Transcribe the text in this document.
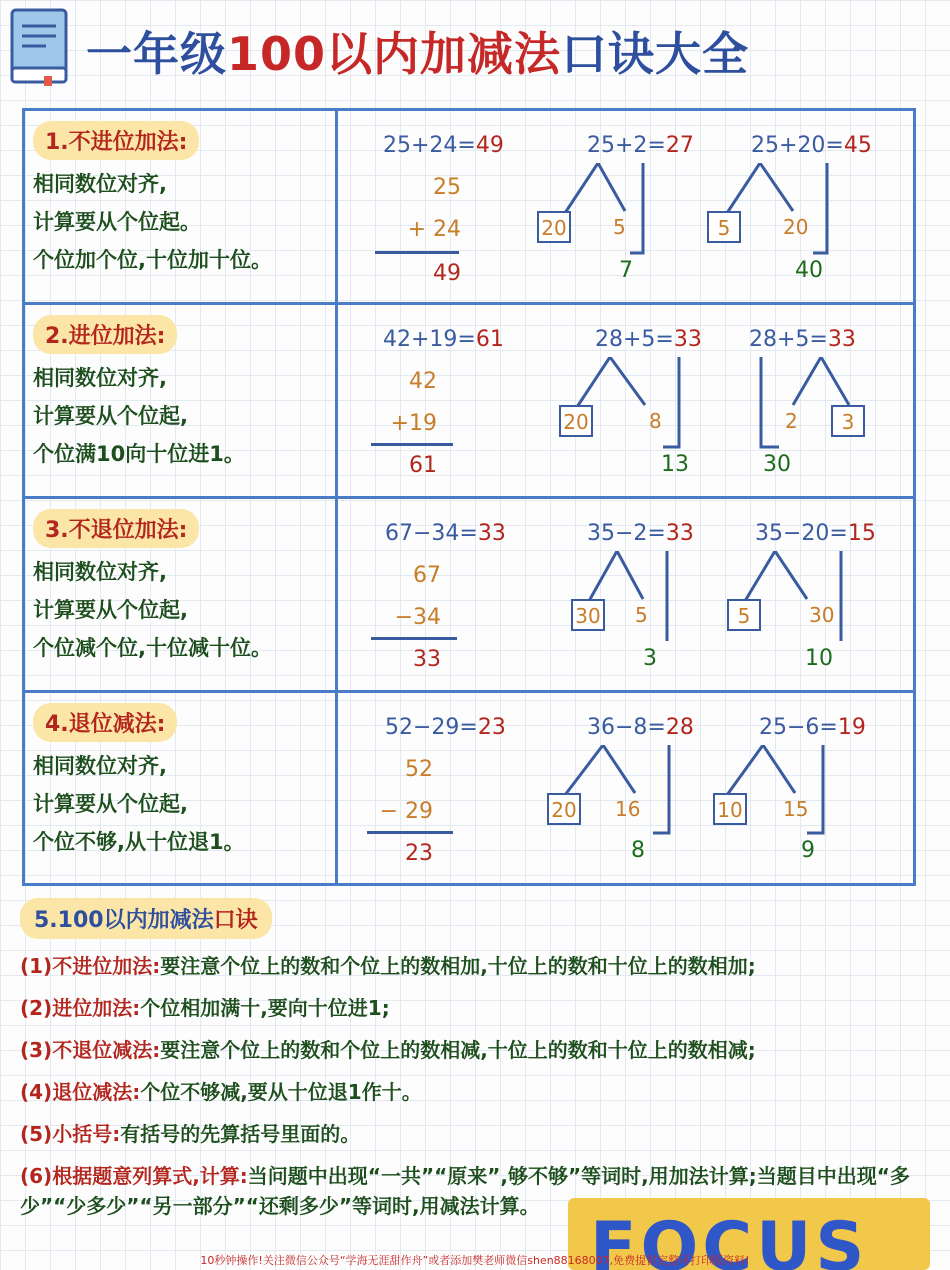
一年级100以内加减法口诀大全
1.不进位加法:
相同数位对齐,
计算要从个位起。
个位加个位,十位加十位。
25+24=49
25
+ 24
49
25+2=27
20 5
7
25+20=45
5	20
40
2.进位加法:
相同数位对齐,
计算要从个位起,
个位满10向十位进1。
42+19=61
42
+19
61
28+5=33
20	8
13
28+5=33
2	3
30
3.不退位加法:
相同数位对齐,
计算要从个位起,
个位减个位,十位减十位。
67−34=33
67
−34
33
35−2=33
30 5
3
35−20=15
5	30
10
4.退位减法:
相同数位对齐,
计算要从个位起,
个位不够,从十位退1。
52−29=23
52
− 29
23
36−8=28
20 16
8
25−6=19
10 15
9
5.100以内加减法口诀
(1)不进位加法:要注意个位上的数和个位上的数相加,十位上的数和十位上的数相加;
(2)进位加法:个位相加满十,要向十位进1;
(3)不退位减法:要注意个位上的数和个位上的数相减,十位上的数和十位上的数相减;
(4)退位减法:个位不够减,要从十位退1作十。
(5)小括号:有括号的先算括号里面的。
(6)根据题意列算式,计算:当问题中出现“一共”“原来”,够不够”等词时,用加法计算;当题目中出现“多少”“少多少”“另一部分”“还剩多少”等词时,用减法计算。
FOCUS
10秒钟操作!关注微信公众号“学海无涯甜作舟”或者添加樊老师微信shen88168007,免费提供完整可打印版资料!
